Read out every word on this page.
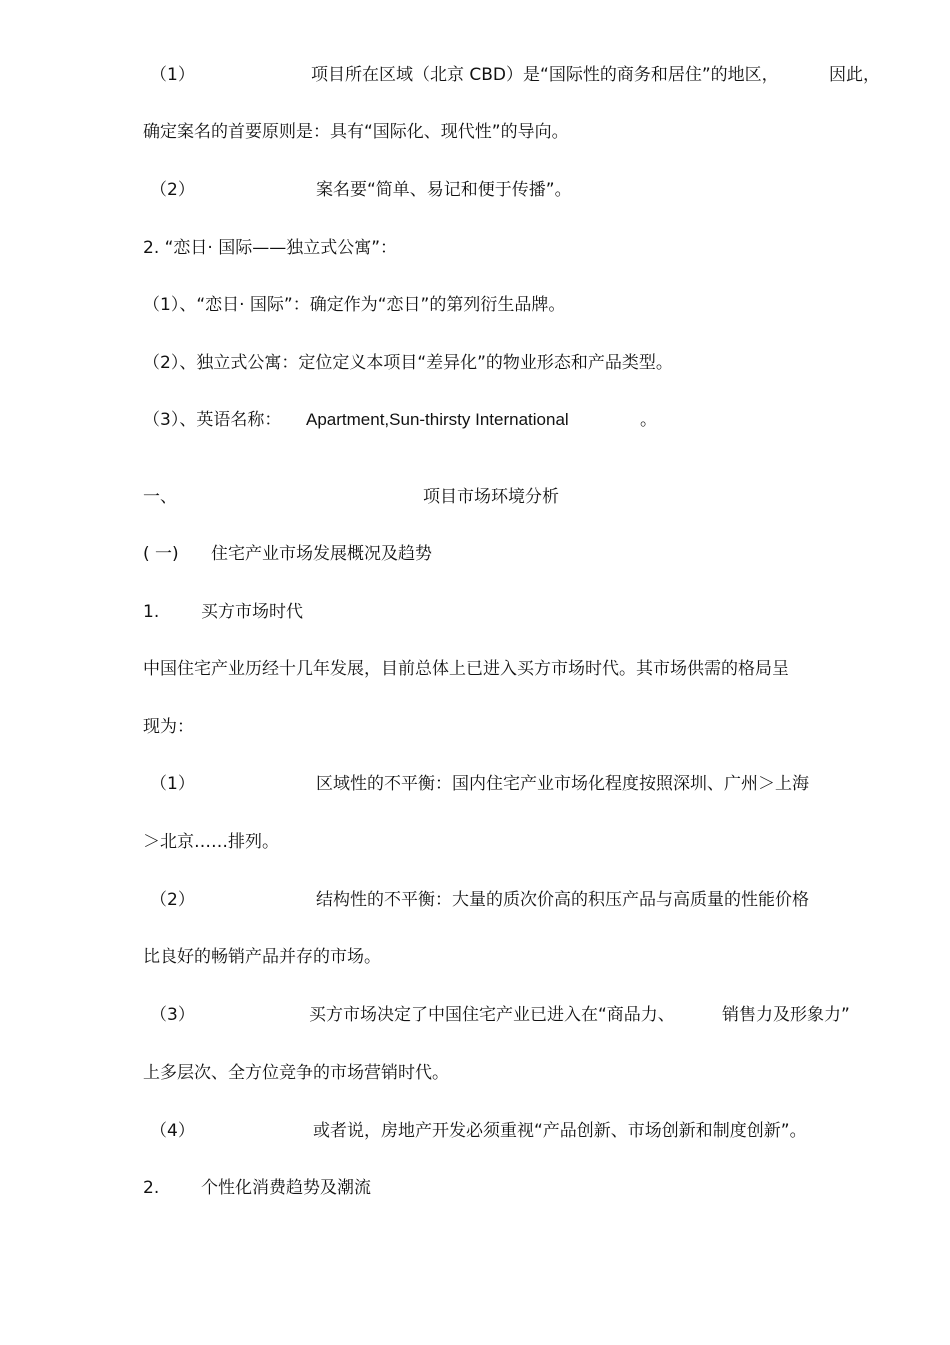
（1）	项目所在区域（北京 CBD）是“国际性的商务和居住”的地区，	因此，
确定案名的首要原则是：具有“国际化、现代性”的导向。
（2）	案名要“简单、易记和便于传播”。
2. “恋日· 国际——独立式公寓”：
（1）、“恋日· 国际”：确定作为“恋日”的第列衍生品牌。
（2）、独立式公寓：定位定义本项目“差异化”的物业形态和产品类型。
（3）、英语名称： Apartment,Sun-thirsty International	。
一、	项目市场环境分析
( 一) 住宅产业市场发展概况及趋势
1. 买方市场时代
中国住宅产业历经十几年发展，目前总体上已进入买方市场时代。其市场供需的格局呈
现为：
（1）	区域性的不平衡：国内住宅产业市场化程度按照深圳、广州＞上海
＞北京……排列。
（2）	结构性的不平衡：大量的质次价高的积压产品与高质量的性能价格
比良好的畅销产品并存的市场。
（3）	买方市场决定了中国住宅产业已进入在“商品力、	销售力及形象力”
上多层次、全方位竞争的市场营销时代。
（4）	或者说，房地产开发必须重视“产品创新、市场创新和制度创新”。
2. 个性化消费趋势及潮流
